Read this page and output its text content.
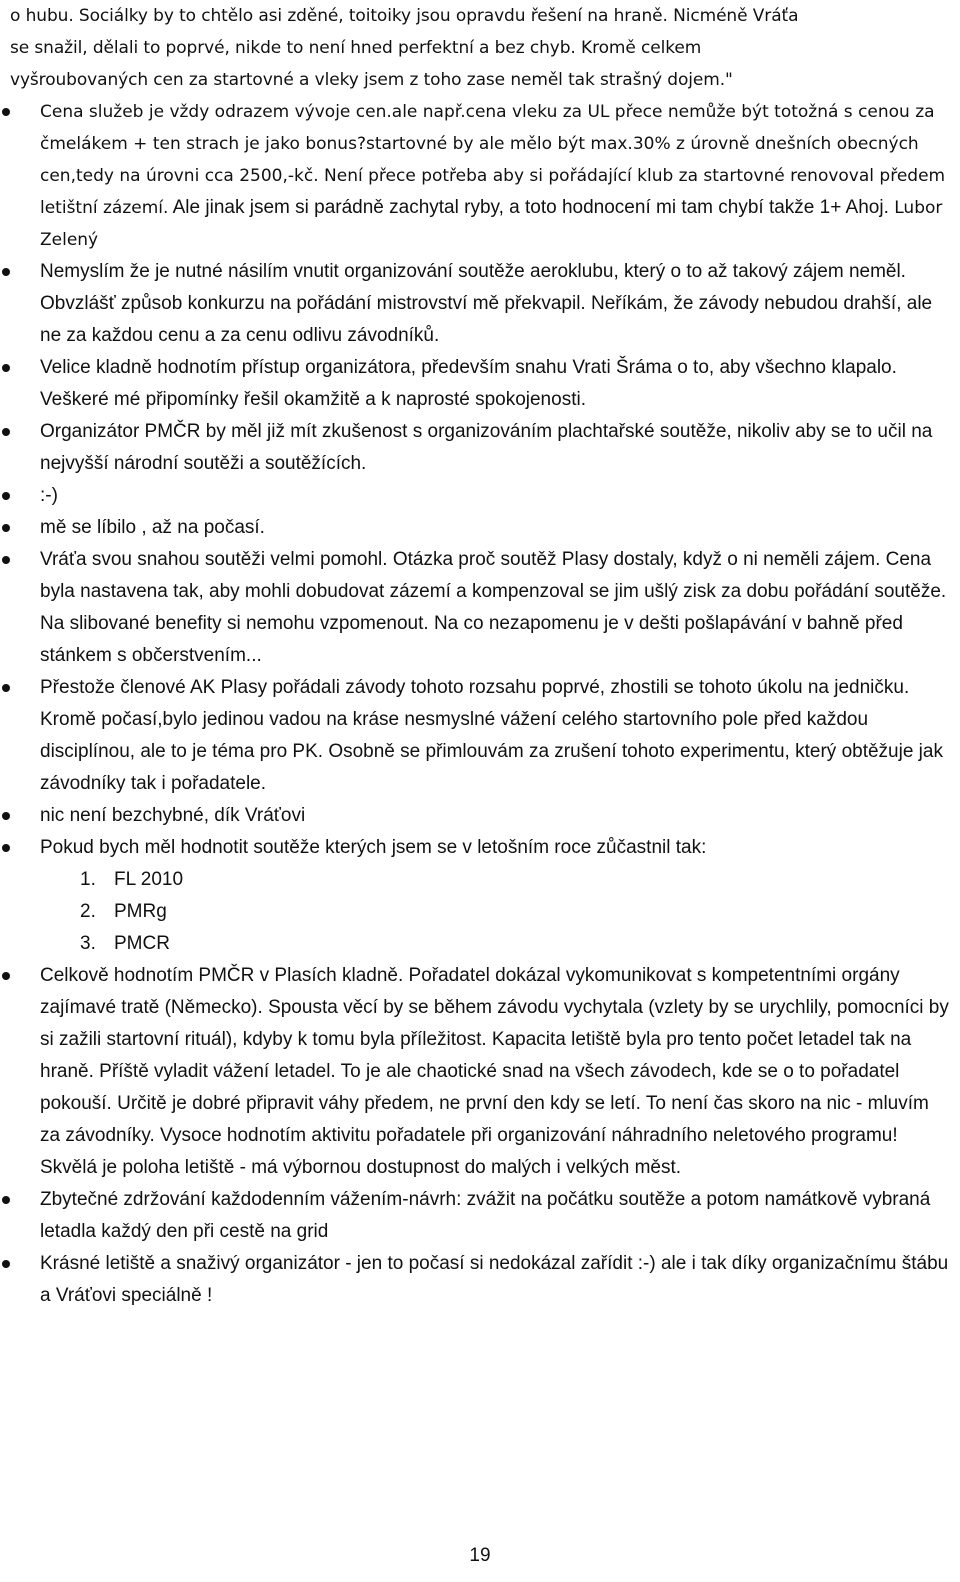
o hubu. Sociálky by to chtělo asi zděné, toitoiky jsou opravdu řešení na hraně. Nicméně Vráťa

se snažil, dělali to poprvé, nikde to není hned perfektní a bez chyb. Kromě celkem

vyšroubovaných cen za startovné a vleky jsem z toho zase neměl tak strašný dojem."

Cena služeb je vždy odrazem vývoje cen.ale např.cena vleku za UL přece nemůže být totožná s cenou za čmelákem + ten strach je jako bonus?startovné by ale mělo být max.30% z úrovně dnešních obecných cen,tedy na úrovni cca 2500,-kč. Není přece potřeba aby si pořádající klub za startovné renovoval předem letištní zázemí. Ale jinak jsem si parádně zachytal ryby, a toto hodnocení mi tam chybí takže 1+ Ahoj. Lubor Zelený
Nemyslím že je nutné násilím vnutit organizování soutěže aeroklubu, který o to až takový zájem neměl. Obvzlášť způsob konkurzu na pořádání mistrovství mě překvapil. Neříkám, že závody nebudou drahší, ale ne za každou cenu a za cenu odlivu závodníků.
Velice kladně hodnotím přístup organizátora, především snahu Vrati Šráma o to, aby všechno klapalo. Veškeré mé připomínky řešil okamžitě a k naprosté spokojenosti.
Organizátor PMČR by měl již mít zkušenost s organizováním plachtařské soutěže, nikoliv aby se to učil na nejvyšší národní soutěži a soutěžících.
:-)
mě se líbilo , až na počasí.
Vráťa svou snahou soutěži velmi pomohl. Otázka proč soutěž Plasy dostaly, když o ni neměli zájem. Cena byla nastavena tak, aby mohli dobudovat zázemí a kompenzoval se jim ušlý zisk za dobu pořádání soutěže. Na slibované benefity si nemohu vzpomenout. Na co nezapomenu je v dešti pošlapávání v bahně před stánkem s občerstvením...
Přestože členové AK Plasy pořádali závody tohoto rozsahu poprvé, zhostili se tohoto úkolu na jedničku. Kromě počasí,bylo jedinou vadou na kráse nesmyslné vážení celého startovního pole před každou disciplínou, ale to je téma pro PK. Osobně se přimlouvám za zrušení tohoto experimentu, který obtěžuje jak závodníky tak i pořadatele.
nic není bezchybné, dík Vráťovi
Pokud bych měl hodnotit soutěže kterých jsem se v letošním roce zůčastnil tak:
1. FL 2010
2. PMRg
3. PMCR
Celkově hodnotím PMČR v Plasích kladně. Pořadatel dokázal vykomunikovat s kompetentními orgány zajímavé tratě (Německo). Spousta věcí by se během závodu vychytala (vzlety by se urychlily, pomocníci by si zažili startovní rituál), kdyby k tomu byla příležitost. Kapacita letiště byla pro tento počet letadel tak na hraně. Příště vyladit vážení letadel. To je ale chaotické snad na všech závodech, kde se o to pořadatel pokouší. Určitě je dobré připravit váhy předem, ne první den kdy se letí. To není čas skoro na nic - mluvím za závodníky. Vysoce hodnotím aktivitu pořadatele při organizování náhradního neletového programu! Skvělá je poloha letiště - má výbornou dostupnost do malých i velkých měst.
Zbytečné zdržování každodenním vážením-návrh: zvážit na počátku soutěže a potom namátkově vybraná letadla každý den při cestě na grid
Krásné letiště a snaživý organizátor - jen to počasí si nedokázal zařídit :-) ale i tak díky organizačnímu štábu a Vráťovi speciálně !
19
